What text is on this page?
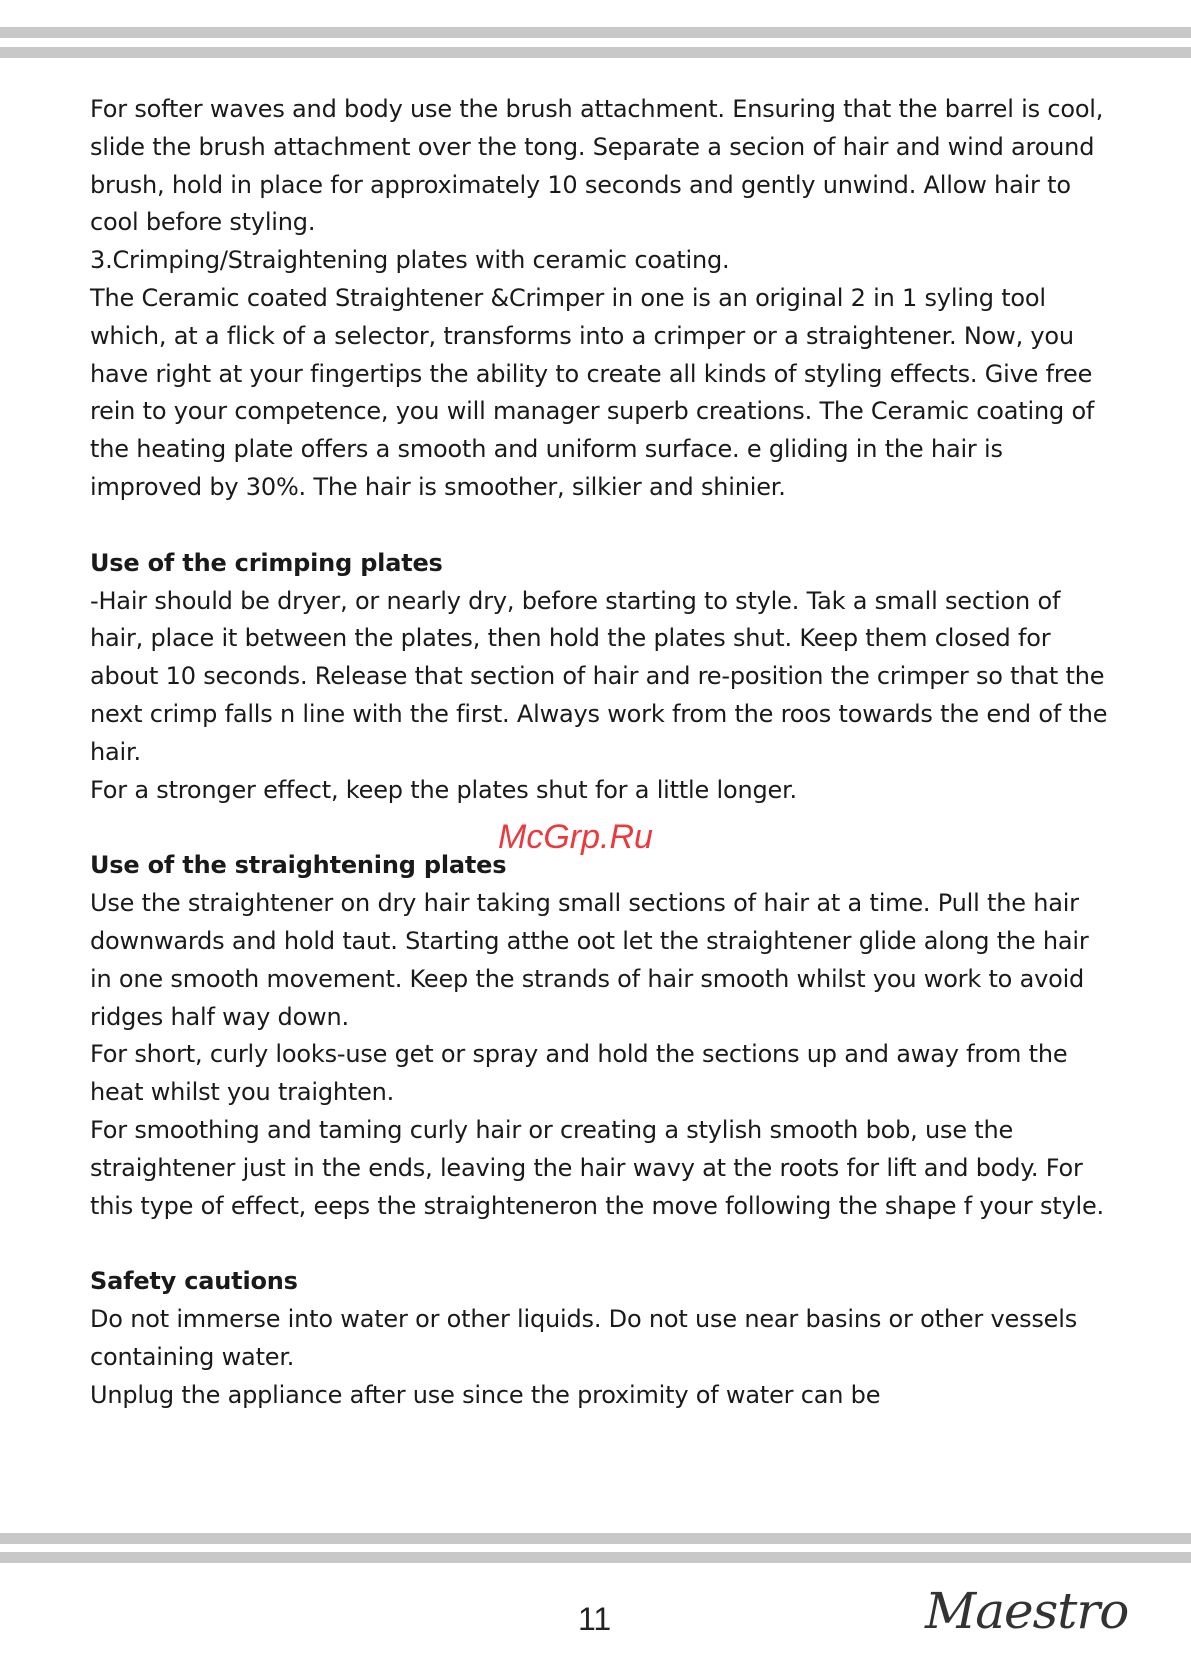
For softer waves and body use the brush attachment. Ensuring that the barrel is cool, slide the brush attachment over the tong. Separate a secion of hair and wind around brush, hold in place for approximately 10 seconds and gently unwind. Allow hair to cool before styling.

3.Crimping/Straightening plates with ceramic coating.

The Ceramic coated Straightener &Crimper in one is an original 2 in 1 syling tool which, at a flick of a selector, transforms into a crimper or a straightener. Now, you have right at your fingertips the ability to create all kinds of styling effects. Give free rein to your competence, you will manager superb creations. The Ceramic coating of the heating plate offers a smooth and uniform surface. e gliding in the hair is improved by 30%. The hair is smoother, silkier and shinier.

Use of the crimping plates

-Hair should be dryer, or nearly dry, before starting to style. Tak a small section of hair, place it between the plates, then hold the plates shut. Keep them closed for about 10 seconds. Release that section of hair and re-position the crimper so that the next crimp falls n line with the first. Always work from the roos towards the end of the hair.

For a stronger effect, keep the plates shut for a little longer.

Use of the straightening plates

Use the straightener on dry hair taking small sections of hair at a time. Pull the hair downwards and hold taut. Starting atthe oot let the straightener glide along the hair in one smooth movement. Keep the strands of hair smooth whilst you work to avoid ridges half way down.

For short, curly looks-use get or spray and hold the sections up and away from the heat whilst you traighten.

For smoothing and taming curly hair or creating a stylish smooth bob, use the straightener just in the ends, leaving the hair wavy at the roots for lift and body. For this type of effect, eeps the straighteneron the move following the shape f your style.

Safety cautions

Do not immerse into water or other liquids. Do not use near basins or other vessels containing water.

Unplug the appliance after use since the proximity of water can be

McGrp.Ru
11	Maestro
